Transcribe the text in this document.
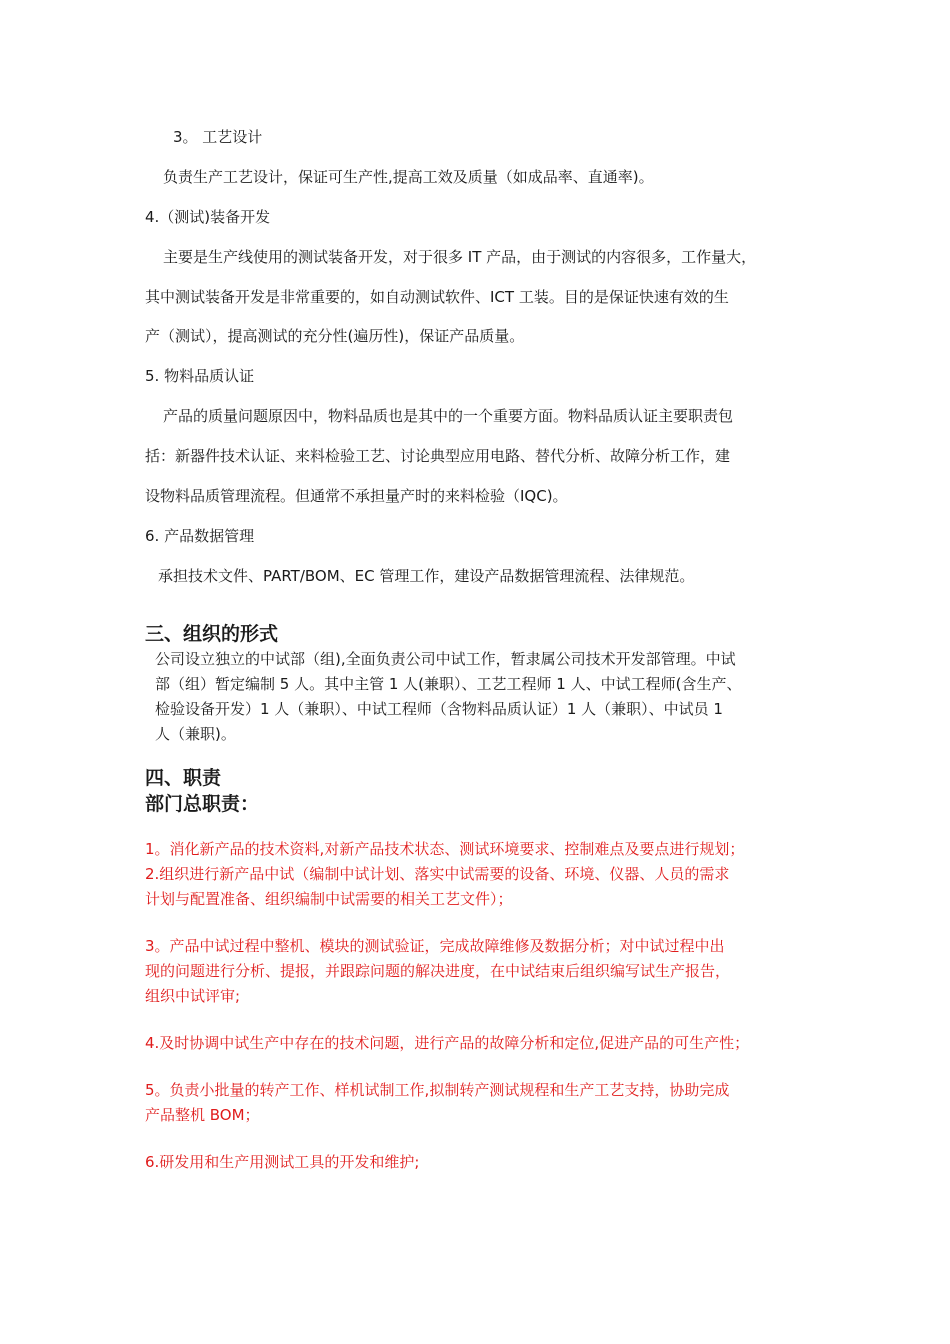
3。 工艺设计
负责生产工艺设计，保证可生产性,提高工效及质量（如成品率、直通率)。
4.（测试)装备开发
主要是生产线使用的测试装备开发，对于很多 IT 产品，由于测试的内容很多，工作量大，
其中测试装备开发是非常重要的，如自动测试软件、ICT 工装。目的是保证快速有效的生
产（测试），提高测试的充分性(遍历性)，保证产品质量。
5. 物料品质认证
产品的质量问题原因中，物料品质也是其中的一个重要方面。物料品质认证主要职责包
括：新器件技术认证、来料检验工艺、讨论典型应用电路、替代分析、故障分析工作，建
设物料品质管理流程。但通常不承担量产时的来料检验（IQC)。
6. 产品数据管理
承担技术文件、PART/BOM、EC 管理工作，建设产品数据管理流程、法律规范。
三、组织的形式
公司设立独立的中试部（组),全面负责公司中试工作，暂隶属公司技术开发部管理。中试
部（组）暂定编制 5 人。其中主管 1 人(兼职）、工艺工程师 1 人、中试工程师(含生产、
检验设备开发）1 人（兼职）、中试工程师（含物料品质认证）1 人（兼职）、中试员 1
人（兼职)。
四、职责
部门总职责：
1。消化新产品的技术资料,对新产品技术状态、测试环境要求、控制难点及要点进行规划；
2.组织进行新产品中试（编制中试计划、落实中试需要的设备、环境、仪器、人员的需求
计划与配置准备、组织编制中试需要的相关工艺文件）；
3。产品中试过程中整机、模块的测试验证，完成故障维修及数据分析；对中试过程中出
现的问题进行分析、提报，并跟踪问题的解决进度，在中试结束后组织编写试生产报告，
组织中试评审;
4.及时协调中试生产中存在的技术问题，进行产品的故障分析和定位,促进产品的可生产性；
5。负责小批量的转产工作、样机试制工作,拟制转产测试规程和生产工艺支持，协助完成
产品整机 BOM；
6.研发用和生产用测试工具的开发和维护;
